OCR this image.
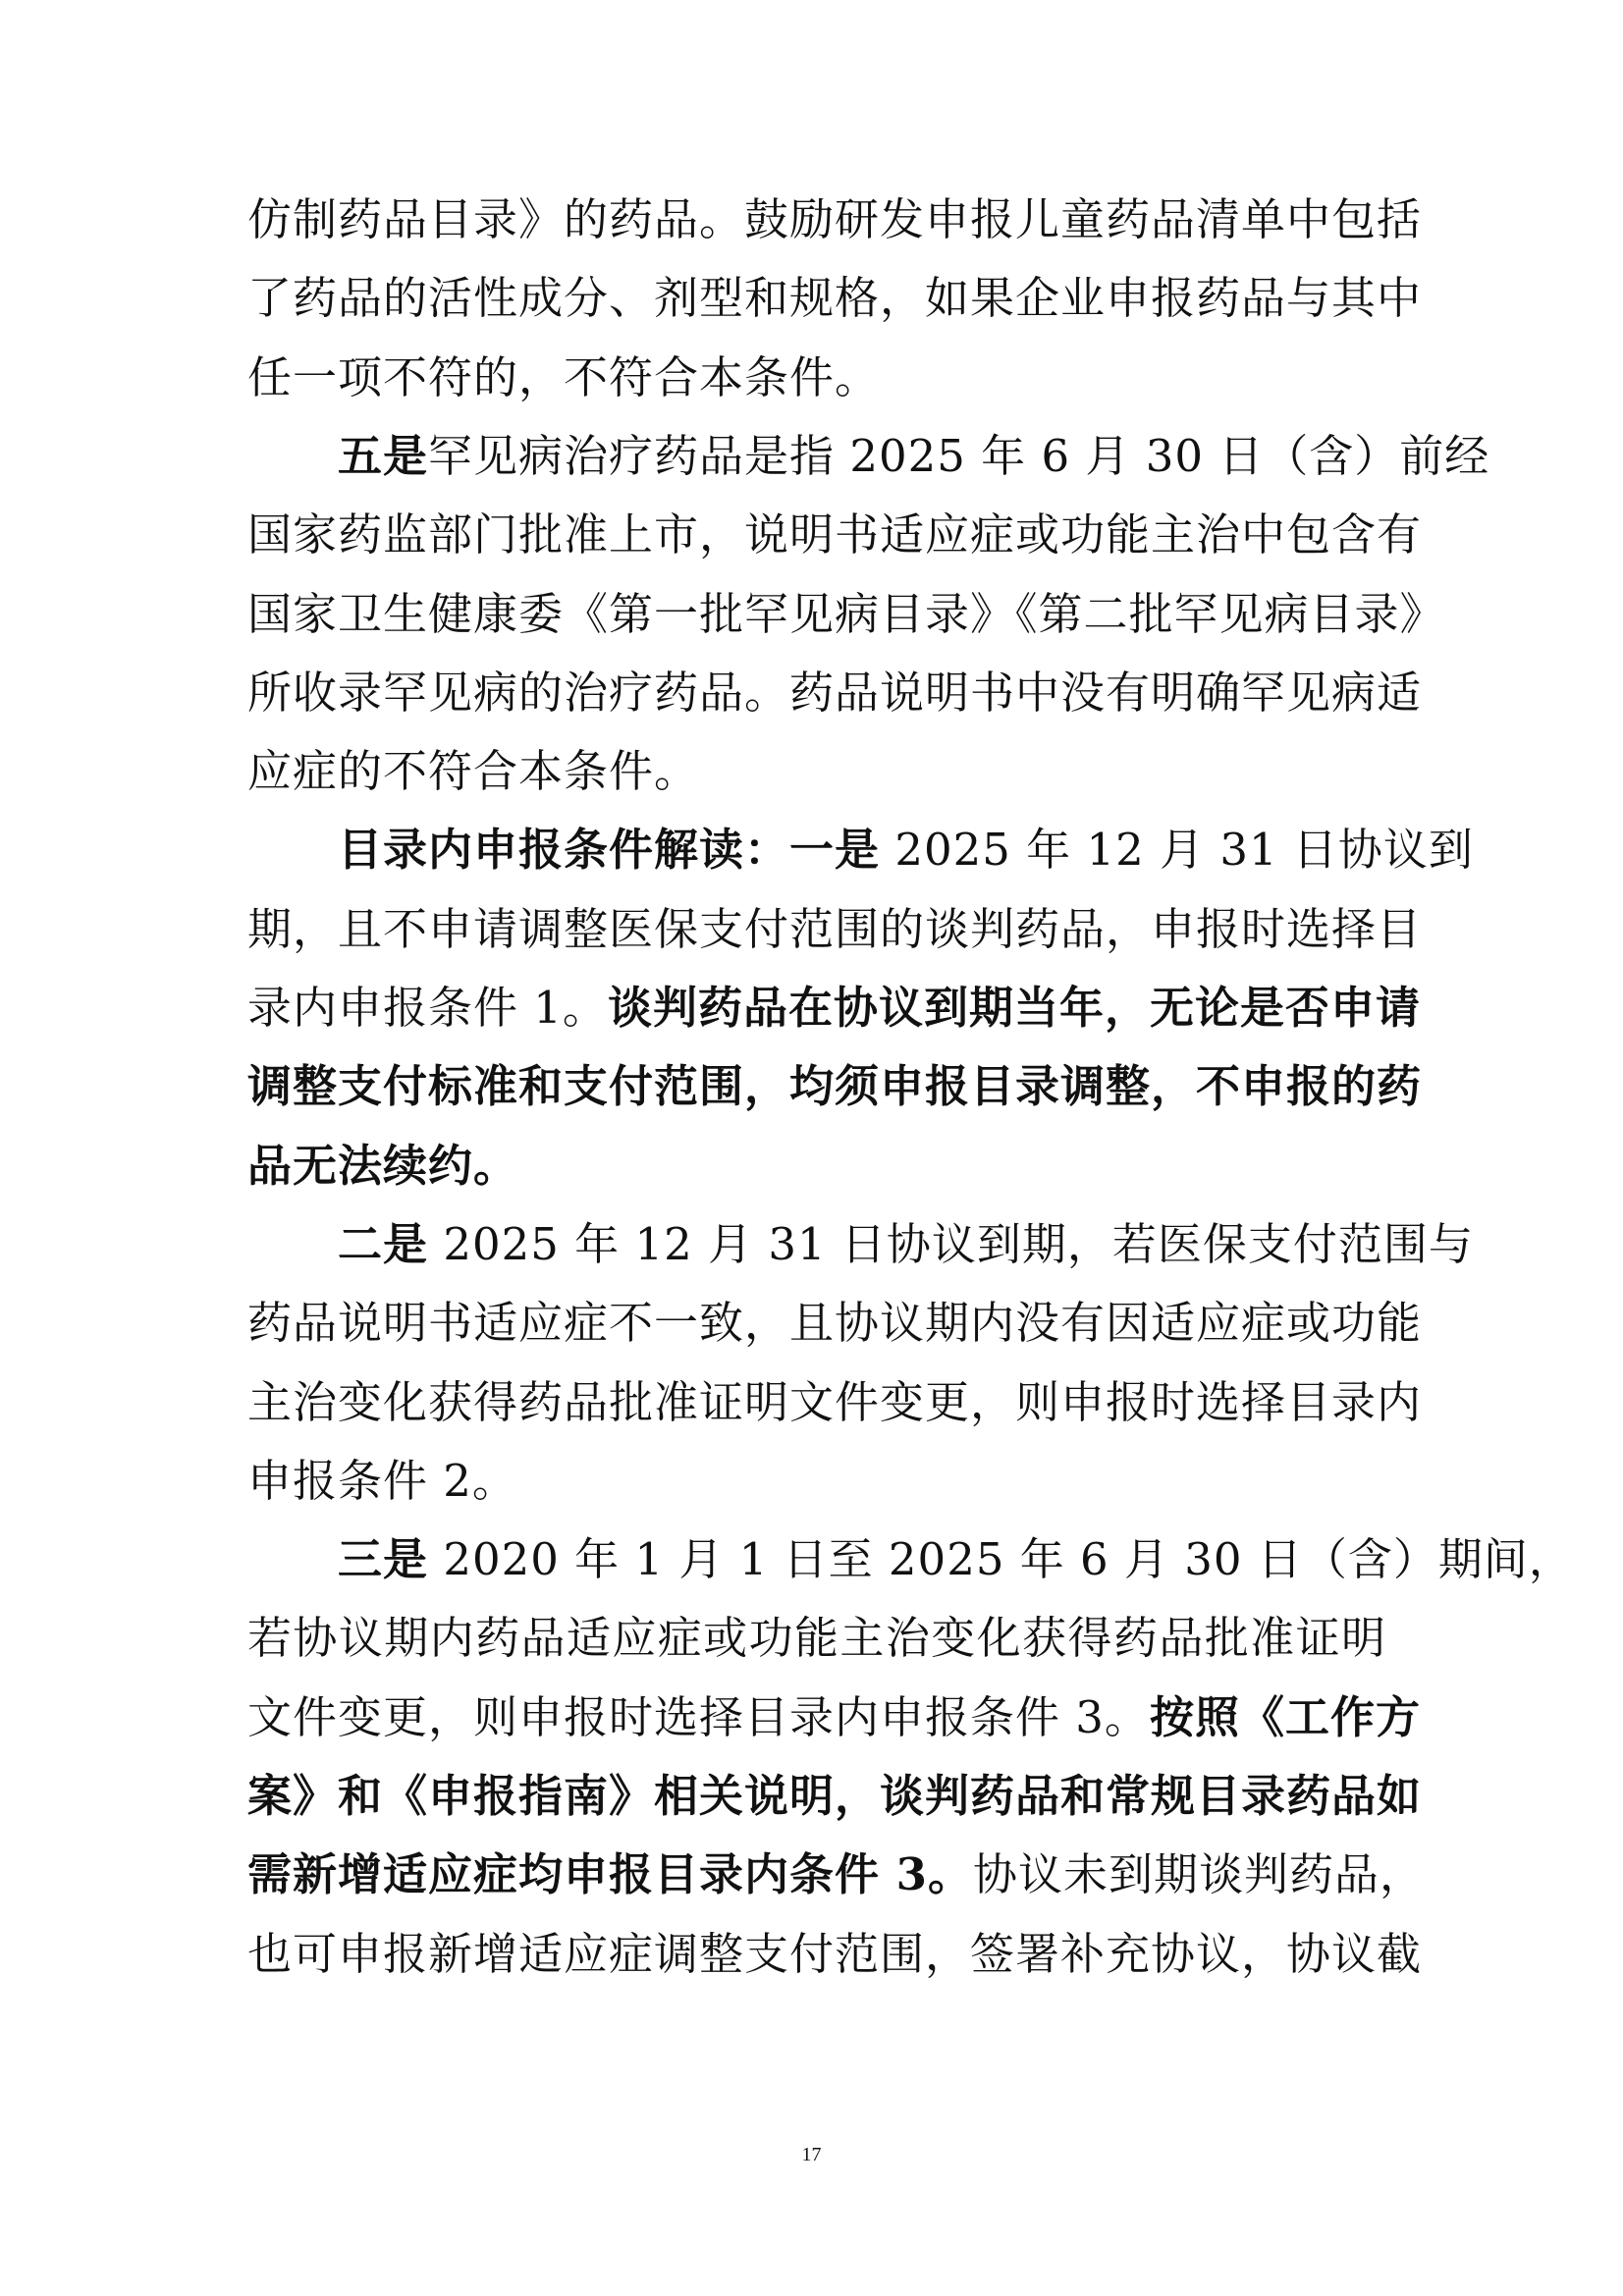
仿制药品目录》的药品。鼓励研发申报儿童药品清单中包括
了药品的活性成分、剂型和规格，如果企业申报药品与其中
任一项不符的，不符合本条件。
五是罕见病治疗药品是指 2025 年 6 月 30 日（含）前经
国家药监部门批准上市，说明书适应症或功能主治中包含有
国家卫生健康委《第一批罕见病目录》《第二批罕见病目录》
所收录罕见病的治疗药品。药品说明书中没有明确罕见病适
应症的不符合本条件。
目录内申报条件解读：一是 2025 年 12 月 31 日协议到
期，且不申请调整医保支付范围的谈判药品，申报时选择目
录内申报条件 1。谈判药品在协议到期当年，无论是否申请
调整支付标准和支付范围，均须申报目录调整，不申报的药
品无法续约。
二是 2025 年 12 月 31 日协议到期，若医保支付范围与
药品说明书适应症不一致，且协议期内没有因适应症或功能
主治变化获得药品批准证明文件变更，则申报时选择目录内
申报条件 2。
三是 2020 年 1 月 1 日至 2025 年 6 月 30 日（含）期间，
若协议期内药品适应症或功能主治变化获得药品批准证明
文件变更，则申报时选择目录内申报条件 3。按照《工作方
案》和《申报指南》相关说明，谈判药品和常规目录药品如
需新增适应症均申报目录内条件 3。协议未到期谈判药品，
也可申报新增适应症调整支付范围，签署补充协议，协议截
17
